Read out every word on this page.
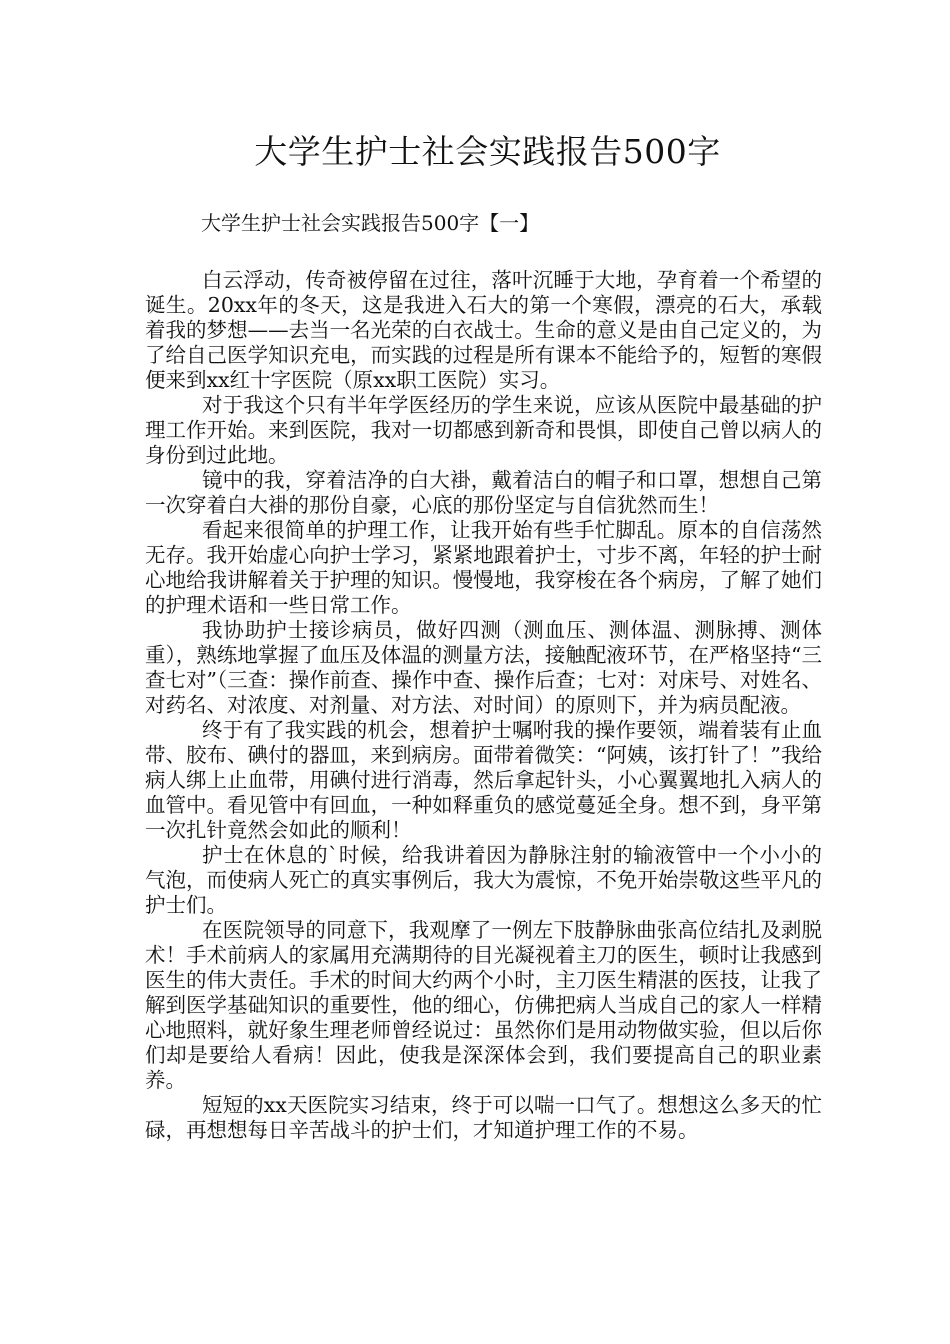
大学生护士社会实践报告500字
大学生护士社会实践报告500字【一】

白云浮动，传奇被停留在过往，落叶沉睡于大地，孕育着一个希望的诞生。20xx年的冬天，这是我进入石大的第一个寒假，漂亮的石大，承载着我的梦想——去当一名光荣的白衣战士。生命的意义是由自己定义的，为了给自己医学知识充电，而实践的过程是所有课本不能给予的，短暂的寒假便来到xx红十字医院（原xx职工医院）实习。

对于我这个只有半年学医经历的学生来说，应该从医院中最基础的护理工作开始。来到医院，我对一切都感到新奇和畏惧，即使自己曾以病人的身份到过此地。

镜中的我，穿着洁净的白大褂，戴着洁白的帽子和口罩，想想自己第一次穿着白大褂的那份自豪，心底的那份坚定与自信犹然而生！

看起来很简单的护理工作，让我开始有些手忙脚乱。原本的自信荡然无存。我开始虚心向护士学习，紧紧地跟着护士，寸步不离，年轻的护士耐心地给我讲解着关于护理的知识。慢慢地，我穿梭在各个病房，了解了她们的护理术语和一些日常工作。

我协助护士接诊病员，做好四测（测血压、测体温、测脉搏、测体重），熟练地掌握了血压及体温的测量方法，接触配液环节，在严格坚持“三查七对”（三查：操作前查、操作中查、操作后查；七对：对床号、对姓名、对药名、对浓度、对剂量、对方法、对时间）的原则下，并为病员配液。

终于有了我实践的机会，想着护士嘱咐我的操作要领，端着装有止血带、胶布、碘付的器皿，来到病房。面带着微笑：“阿姨，该打针了！”我给病人绑上止血带，用碘付进行消毒，然后拿起针头，小心翼翼地扎入病人的血管中。看见管中有回血，一种如释重负的感觉蔓延全身。想不到，身平第一次扎针竟然会如此的顺利！

护士在休息的`时候，给我讲着因为静脉注射的输液管中一个小小的气泡，而使病人死亡的真实事例后，我大为震惊，不免开始崇敬这些平凡的护士们。

在医院领导的同意下，我观摩了一例左下肢静脉曲张高位结扎及剥脱术！手术前病人的家属用充满期待的目光凝视着主刀的医生，顿时让我感到医生的伟大责任。手术的时间大约两个小时，主刀医生精湛的医技，让我了解到医学基础知识的重要性，他的细心，仿佛把病人当成自己的家人一样精心地照料，就好象生理老师曾经说过：虽然你们是用动物做实验，但以后你们却是要给人看病！因此，使我是深深体会到，我们要提高自己的职业素养。

短短的xx天医院实习结束，终于可以喘一口气了。想想这么多天的忙碌，再想想每日辛苦战斗的护士们，才知道护理工作的不易。
